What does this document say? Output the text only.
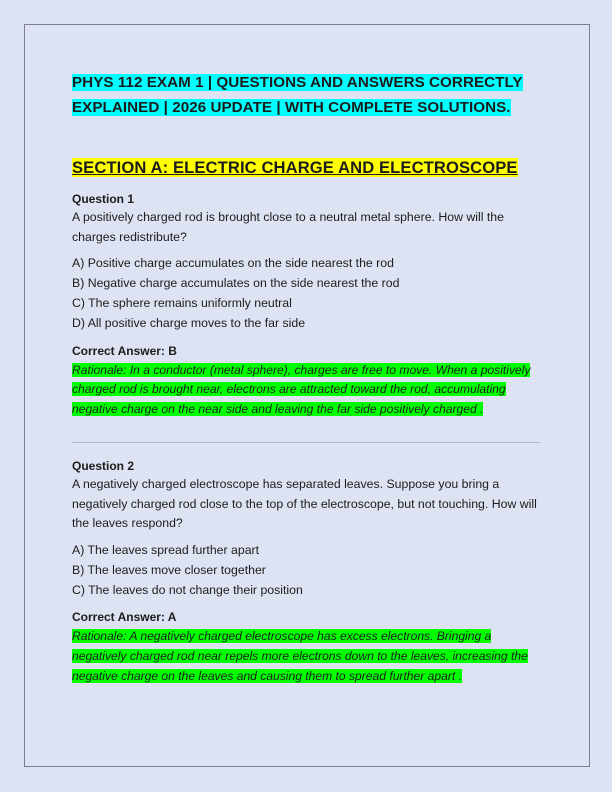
PHYS 112 EXAM 1 | QUESTIONS AND ANSWERS CORRECTLY EXPLAINED | 2026 UPDATE | WITH COMPLETE SOLUTIONS.
SECTION A: ELECTRIC CHARGE AND ELECTROSCOPE
Question 1

A positively charged rod is brought close to a neutral metal sphere. How will the charges redistribute?

A) Positive charge accumulates on the side nearest the rod
B) Negative charge accumulates on the side nearest the rod
C) The sphere remains uniformly neutral
D) All positive charge moves to the far side
Correct Answer: B

Rationale: In a conductor (metal sphere), charges are free to move. When a positively charged rod is brought near, electrons are attracted toward the rod, accumulating negative charge on the near side and leaving the far side positively charged .

Question 2

A negatively charged electroscope has separated leaves. Suppose you bring a negatively charged rod close to the top of the electroscope, but not touching. How will the leaves respond?

A) The leaves spread further apart
B) The leaves move closer together
C) The leaves do not change their position
Correct Answer: A

Rationale: A negatively charged electroscope has excess electrons. Bringing a negatively charged rod near repels more electrons down to the leaves, increasing the negative charge on the leaves and causing them to spread further apart .
